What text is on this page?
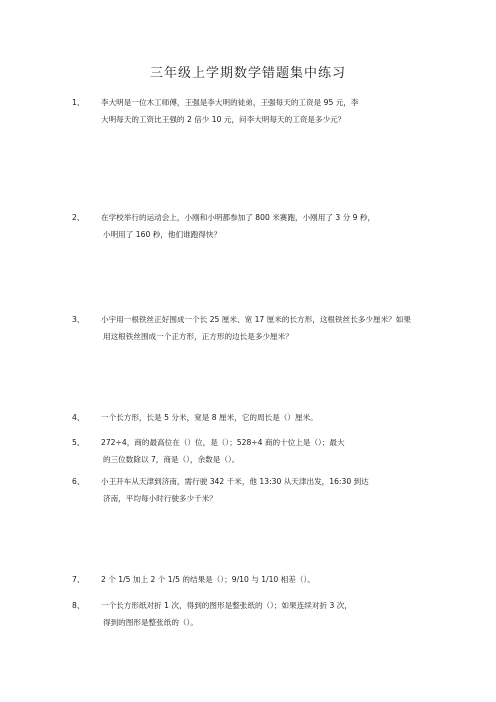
三年级上学期数学错题集中练习
1、 李大明是一位木工师傅，王强是李大明的徒弟，王强每天的工资是 95 元，李
大明每天的工资比王强的 2 倍少 10 元，问李大明每天的工资是多少元？
2、 在学校举行的运动会上，小刚和小明都参加了 800 米赛跑，小刚用了 3 分 9 秒，
小明用了 160 秒，他们谁跑得快？
3、 小宇用一根铁丝正好围成一个长 25 厘米、宽 17 厘米的长方形，这根铁丝长多少厘米？如果
用这根铁丝围成一个正方形，正方形的边长是多少厘米？
4、 一个长方形，长是 5 分米，宽是 8 厘米，它的周长是（）厘米。
5、 272÷4，商的最高位在（）位，是（）；528÷4 商的十位上是（）；最大
的三位数除以 7，商是（），余数是（）。
6、 小王开车从天津到济南，需行驶 342 千米，他 13:30 从天津出发，16:30 到达
济南，平均每小时行驶多少千米？
7、 2 个 1/5 加上 2 个 1/5 的结果是（）；9/10 与 1/10 相差（）。
8、 一个长方形纸对折 1 次，得到的图形是整张纸的（）；如果连续对折 3 次，
得到的图形是整张纸的（）。
